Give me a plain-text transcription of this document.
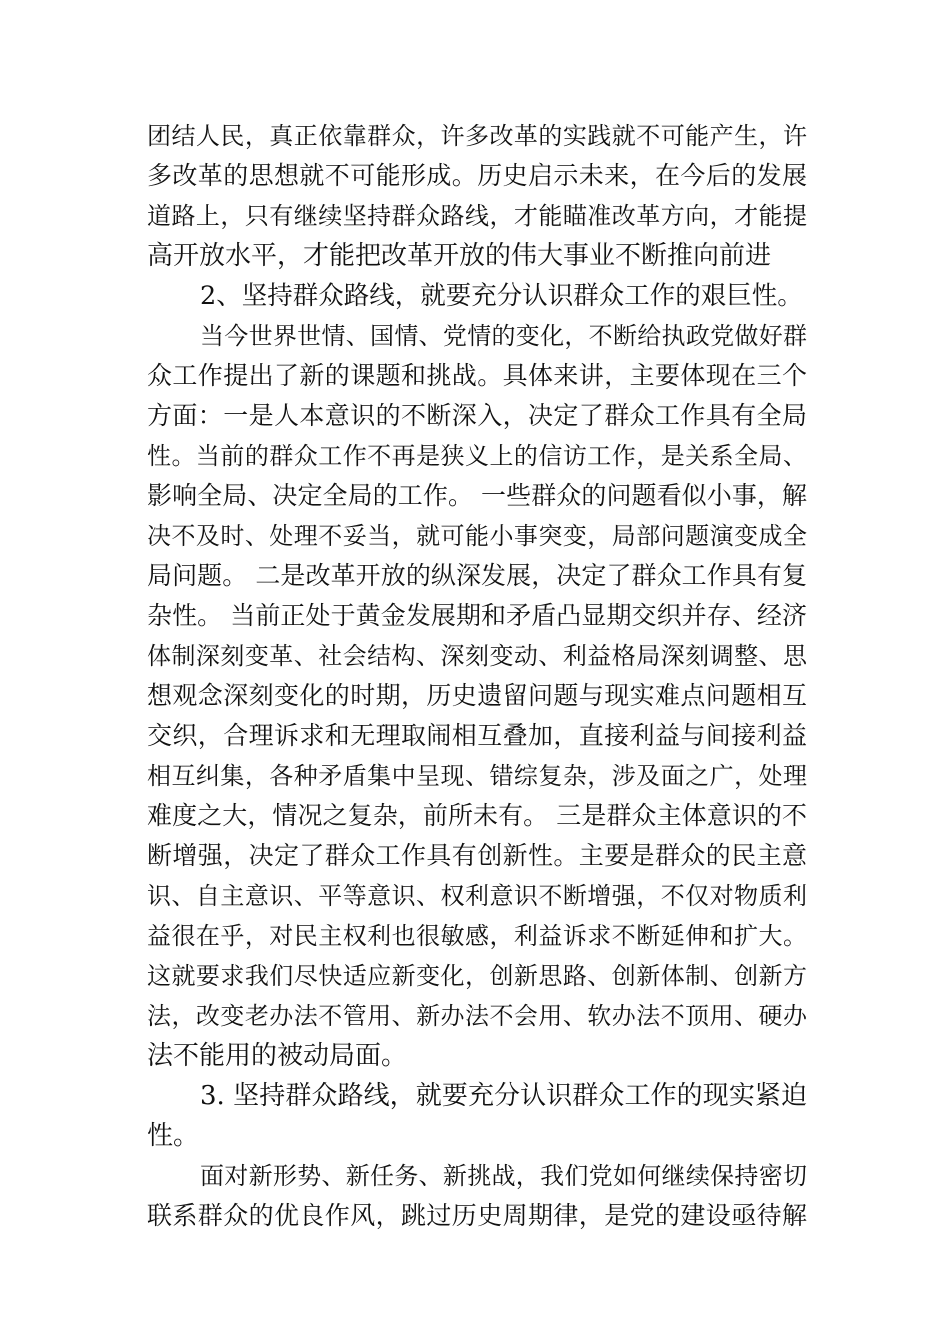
团结人民，真正依靠群众，许多改革的实践就不可能产生，许
多改革的思想就不可能形成。历史启示未来，在今后的发展
道路上，只有继续坚持群众路线，才能瞄准改革方向，才能提
高开放水平，才能把改革开放的伟大事业不断推向前进
2、坚持群众路线，就要充分认识群众工作的艰巨性。
当今世界世情、国情、党情的变化，不断给执政党做好群
众工作提出了新的课题和挑战。具体来讲，主要体现在三个
方面：一是人本意识的不断深入，决定了群众工作具有全局
性。当前的群众工作不再是狭义上的信访工作，是关系全局、
影响全局、决定全局的工作。 一些群众的问题看似小事，解
决不及时、处理不妥当，就可能小事突变，局部问题演变成全
局问题。 二是改革开放的纵深发展，决定了群众工作具有复
杂性。 当前正处于黄金发展期和矛盾凸显期交织并存、经济
体制深刻变革、社会结构、深刻变动、利益格局深刻调整、思
想观念深刻变化的时期，历史遗留问题与现实难点问题相互
交织，合理诉求和无理取闹相互叠加，直接利益与间接利益
相互纠集，各种矛盾集中呈现、错综复杂，涉及面之广，处理
难度之大，情况之复杂，前所未有。 三是群众主体意识的不
断增强，决定了群众工作具有创新性。主要是群众的民主意
识、自主意识、平等意识、权利意识不断增强，不仅对物质利
益很在乎，对民主权利也很敏感，利益诉求不断延伸和扩大。
这就要求我们尽快适应新变化，创新思路、创新体制、创新方
法，改变老办法不管用、新办法不会用、软办法不顶用、硬办
法不能用的被动局面。
3. 坚持群众路线，就要充分认识群众工作的现实紧迫
性。
面对新形势、新任务、新挑战，我们党如何继续保持密切
联系群众的优良作风，跳过历史周期律，是党的建设亟待解
